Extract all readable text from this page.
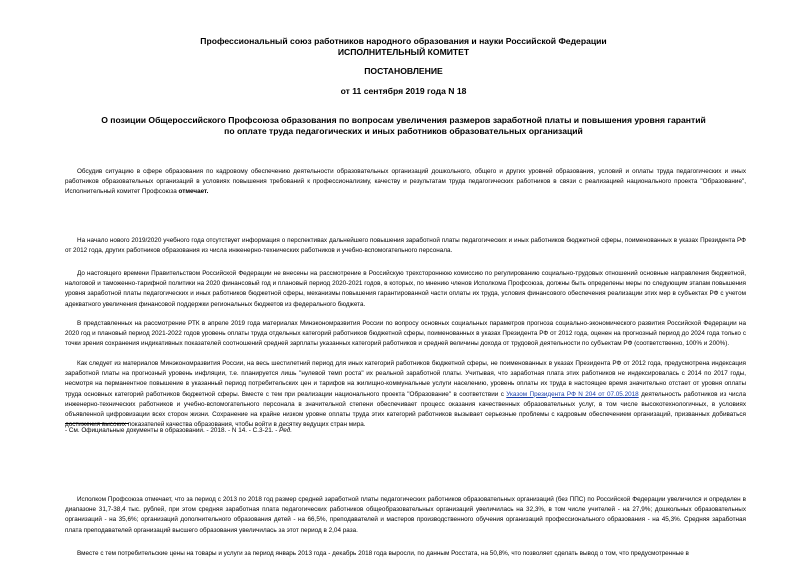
Профессиональный союз работников народного образования и науки Российской Федерации

ИСПОЛНИТЕЛЬНЫЙ КОМИТЕТ

ПОСТАНОВЛЕНИЕ

от 11 сентября 2019 года N 18

О позиции Общероссийского Профсоюза образования по вопросам увеличения размеров заработной платы и повышения уровня гарантий по оплате труда педагогических и иных работников образовательных организаций

Обсудив ситуацию в сфере образования по кадровому обеспечению деятельности образовательных организаций дошкольного, общего и других уровней образования, условий и оплаты труда педагогических и иных работников образовательных организаций в условиях повышения требований к профессионализму, качеству и результатам труда педагогических работников в связи с реализацией национального проекта "Образование", Исполнительный комитет Профсоюза отмечает.

На начало нового 2019/2020 учебного года отсутствует информация о перспективах дальнейшего повышения заработной платы педагогических и иных работников бюджетной сферы, поименованных в указах Президента РФ от 2012 года, других работников образования из числа инженерно-технических работников и учебно-вспомогательного персонала.

До настоящего времени Правительством Российской Федерации не внесены на рассмотрение в Российскую трехстороннюю комиссию по регулированию социально-трудовых отношений основные направления бюджетной, налоговой и таможенно-тарифной политики на 2020 финансовый год и плановый период 2020-2021 годов, в которых, по мнению членов Исполкома Профсоюза, должны быть определены меры по следующим этапам повышения уровня заработной платы педагогических и иных работников бюджетной сферы, механизмы повышения гарантированной части оплаты их труда, условия финансового обеспечения реализации этих мер в субъектах РФ с учетом адекватного увеличения финансовой поддержки региональных бюджетов из федерального бюджета.

В представленных на рассмотрение РТК в апреле 2019 года материалах Минэкономразвития России по вопросу основных социальных параметров прогноза социально-экономического развития Российской Федерации на 2020 год и плановый период 2021-2022 годов уровень оплаты труда отдельных категорий работников бюджетной сферы, поименованных в указах Президента РФ от 2012 года, оценен на прогнозный период до 2024 года только с точки зрения сохранения индикативных показателей соотношений средней зарплаты указанных категорий работников и средней величины дохода от трудовой деятельности по субъектам РФ (соответственно, 100% и 200%).

Как следует из материалов Минэкономразвития России, на весь шестилетний период для иных категорий работников бюджетной сферы, не поименованных в указах Президента РФ от 2012 года, предусмотрена индексация заработной платы на прогнозный уровень инфляции, т.е. планируется лишь "нулевой темп роста" их реальной заработной платы. Учитывая, что заработная плата этих работников не индексировалась с 2014 по 2017 годы, несмотря на перманентное повышение в указанный период потребительских цен и тарифов на жилищно-коммунальные услуги населению, уровень оплаты их труда в настоящее время значительно отстает от уровня оплаты труда основных категорий работников бюджетной сферы. Вместе с тем при реализации национального проекта "Образование" в соответствии с Указом Президента РФ N 204 от 07.05.2018 деятельность работников из числа инженерно-технических работников и учебно-вспомогательного персонала в значительной степени обеспечивает процесс оказания качественных образовательных услуг, в том числе высокотехнологичных, в условиях объявленной цифровизации всех сторон жизни. Сохранение на крайне низком уровне оплаты труда этих категорий работников вызывает серьезные проблемы с кадровым обеспечением организаций, призванных добиваться достижения высоких показателей качества образования, чтобы войти в десятку ведущих стран мира.

- См. Официальные документы в образовании. - 2018. - N 14. - С.3-21. - Ред.

Исполком Профсоюза отмечает, что за период с 2013 по 2018 год размер средней заработной платы педагогических работников образовательных организаций (без ППС) по Российской Федерации увеличился и определен в диапазоне 31,7-38,4 тыс. рублей, при этом средняя заработная плата педагогических работников общеобразовательных организаций увеличилась на 32,3%, в том числе учителей - на 27,9%; дошкольных образовательных организаций - на 35,6%; организаций дополнительного образования детей - на 66,5%, преподавателей и мастеров производственного обучения организаций профессионального образования - на 45,3%. Средняя заработная плата преподавателей организаций высшего образования увеличилась за этот период в 2,04 раза.

Вместе с тем потребительские цены на товары и услуги за период январь 2013 года - декабрь 2018 года выросли, по данным Росстата, на 50,8%, что позволяет сделать вывод о том, что предусмотренные в
